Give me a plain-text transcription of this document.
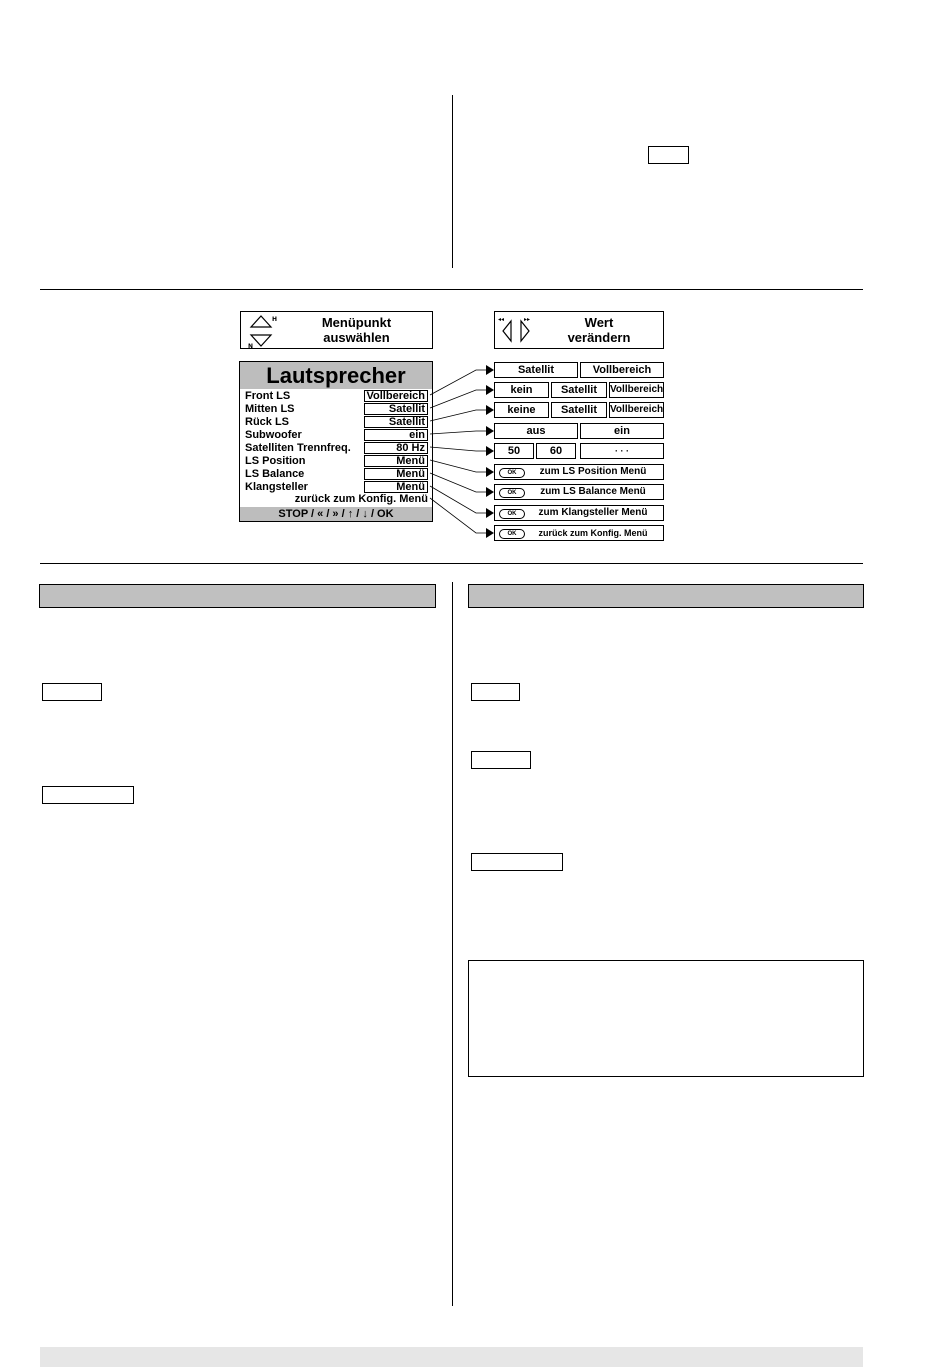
H
N
Menüpunkt
auswählen
◂◂	▸▸	Wert
verändern
Lautsprecher
Front LS	Vollbereich
Mitten LS	Satellit
Rück LS	Satellit
Subwoofer	ein
Satelliten Trennfreq.	80 Hz
LS Position	Menü
LS Balance	Menü
Klangsteller	Menü
zurück zum Konfig. Menü
STOP / « / » / ↑ / ↓ / OK
Satellit	Vollbereich
kein	Satellit	Vollbereich
keine	Satellit	Vollbereich
aus	ein
50	60	· · ·
OK	zum LS Position Menü
OK	zum LS Balance Menü
OK	zum Klangsteller Menü
OK	zurück zum Konfig. Menü
